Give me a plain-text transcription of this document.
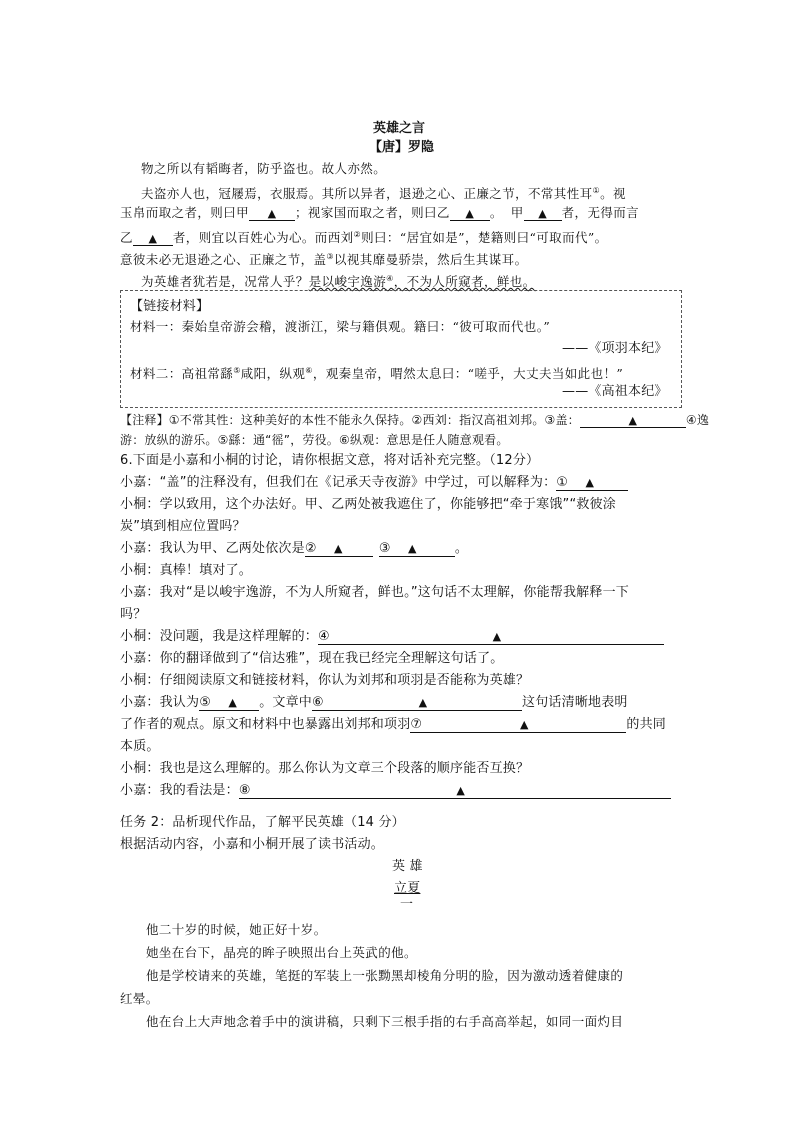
英雄之言
【唐】罗隐
物之所以有韬晦者，防乎盗也。故人亦然。
夫盗亦人也，冠屦焉，衣服焉。其所以异者，退逊之心、正廉之节，不常其性耳①。视
玉帛而取之者，则曰甲 ▲ ；视家国而取之者，则曰乙 ▲ 。 甲 ▲ 者，无得而言
乙 ▲ 者，则宜以百姓心为心。而西刘②则曰：“居宜如是”，楚籍则曰“可取而代”。
意彼未必无退逊之心、正廉之节，盖③以视其靡曼骄崇，然后生其谋耳。
为英雄者犹若是，况常人乎？是以峻宇逸游④，不为人所窥者，鲜也。
【链接材料】
材料一：秦始皇帝游会稽，渡浙江，梁与籍俱观。籍曰：“彼可取而代也。”
——《项羽本纪》
材料二：高祖常繇⑤咸阳，纵观⑥，观秦皇帝，喟然太息曰：“嗟乎，大丈夫当如此也！”
——《高祖本纪》
【注释】①不常其性：这种美好的本性不能永久保持。②西刘：指汉高祖刘邦。③盖：	▲	④逸
游：放纵的游乐。⑤繇：通“徭”，劳役。⑥纵观：意思是任人随意观看。
6.下面是小嘉和小桐的讨论，请你根据文意，将对话补充完整。（12分）
小嘉：“盖”的注释没有，但我们在《记承天寺夜游》中学过，可以解释为：① ▲
小桐：学以致用，这个办法好。甲、乙两处被我遮住了，你能够把“牵于寒饿”“救彼涂
炭”填到相应位置吗？
小嘉：我认为甲、乙两处依次是② ▲	③ ▲	。
小桐：真棒！填对了。
小嘉：我对“是以峻宇逸游，不为人所窥者，鲜也。”这句话不太理解，你能帮我解释一下
吗？
小桐：没问题，我是这样理解的： ④	▲
小嘉：你的翻译做到了“信达雅”，现在我已经完全理解这句话了。
小桐：仔细阅读原文和链接材料，你认为刘邦和项羽是否能称为英雄？
小嘉：我认为⑤ ▲ 。文章中 ⑥	▲	这句话清晰地表明
了作者的观点。原文和材料中也暴露出刘邦和项羽 ⑦	▲	的共同
本质。
小桐：我也是这么理解的。那么你认为文章三个段落的顺序能否互换？
小嘉：我的看法是： ⑧	▲
任务 2：品析现代作品，了解平民英雄（14 分）
根据活动内容，小嘉和小桐开展了读书活动。
英 雄
立夏
一
他二十岁的时候，她正好十岁。
她坐在台下，晶亮的眸子映照出台上英武的他。
他是学校请来的英雄，笔挺的军装上一张黝黑却棱角分明的脸，因为激动透着健康的
红晕。
他在台上大声地念着手中的演讲稿，只剩下三根手指的右手高高举起，如同一面灼目
